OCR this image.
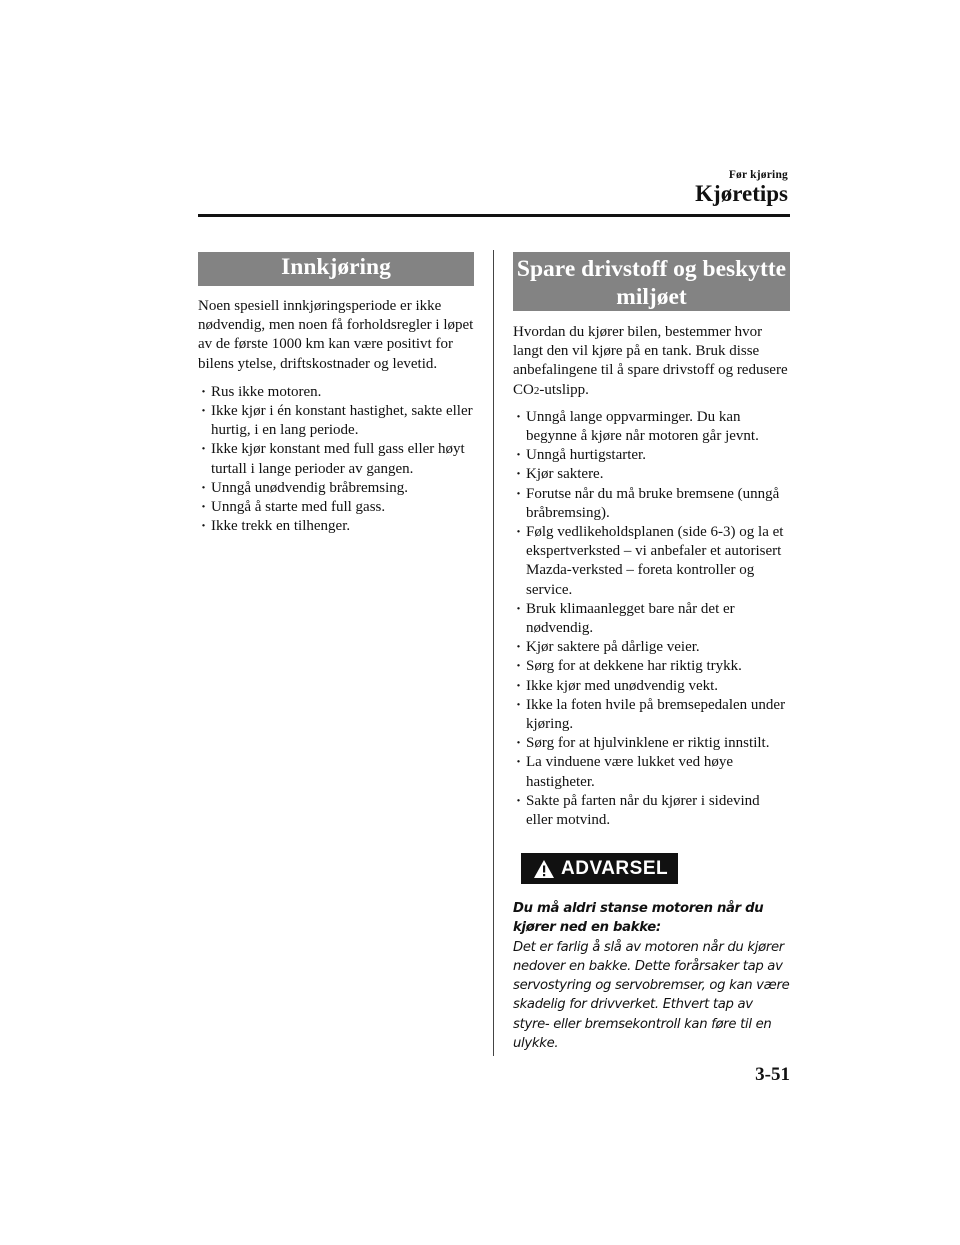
Før kjøring
Kjøretips
Innkjøring

Noen spesiell innkjøringsperiode er ikke nødvendig, men noen få forholdsregler i løpet av de første 1000 km kan være positivt for bilens ytelse, driftskostnader og levetid.

· Rus ikke motoren.
· Ikke kjør i én konstant hastighet, sakte eller hurtig, i en lang periode.
· Ikke kjør konstant med full gass eller høyt turtall i lange perioder av gangen.
· Unngå unødvendig bråbremsing.
· Unngå å starte med full gass.
· Ikke trekk en tilhenger.
Spare drivstoff og beskytte
miljøet

Hvordan du kjører bilen, bestemmer hvor langt den vil kjøre på en tank. Bruk disse anbefalingene til å spare drivstoff og redusere CO2-utslipp.

· Unngå lange oppvarminger. Du kan begynne å kjøre når motoren går jevnt.
· Unngå hurtigstarter.
· Kjør saktere.
· Forutse når du må bruke bremsene (unngå bråbremsing).
· Følg vedlikeholdsplanen (side 6-3) og la et ekspertverksted – vi anbefaler et autorisert Mazda-verksted – foreta kontroller og service.
· Bruk klimaanlegget bare når det er nødvendig.
· Kjør saktere på dårlige veier.
· Sørg for at dekkene har riktig trykk.
· Ikke kjør med unødvendig vekt.
· Ikke la foten hvile på bremsepedalen under kjøring.
· Sørg for at hjulvinklene er riktig innstilt.
· La vinduene være lukket ved høye hastigheter.
· Sakte på farten når du kjører i sidevind eller motvind.
ADVARSEL

Du må aldri stanse motoren når du kjører ned en bakke:

Det er farlig å slå av motoren når du kjører nedover en bakke. Dette forårsaker tap av servostyring og servobremser, og kan være skadelig for drivverket. Ethvert tap av styre- eller bremsekontroll kan føre til en ulykke.

3-51
